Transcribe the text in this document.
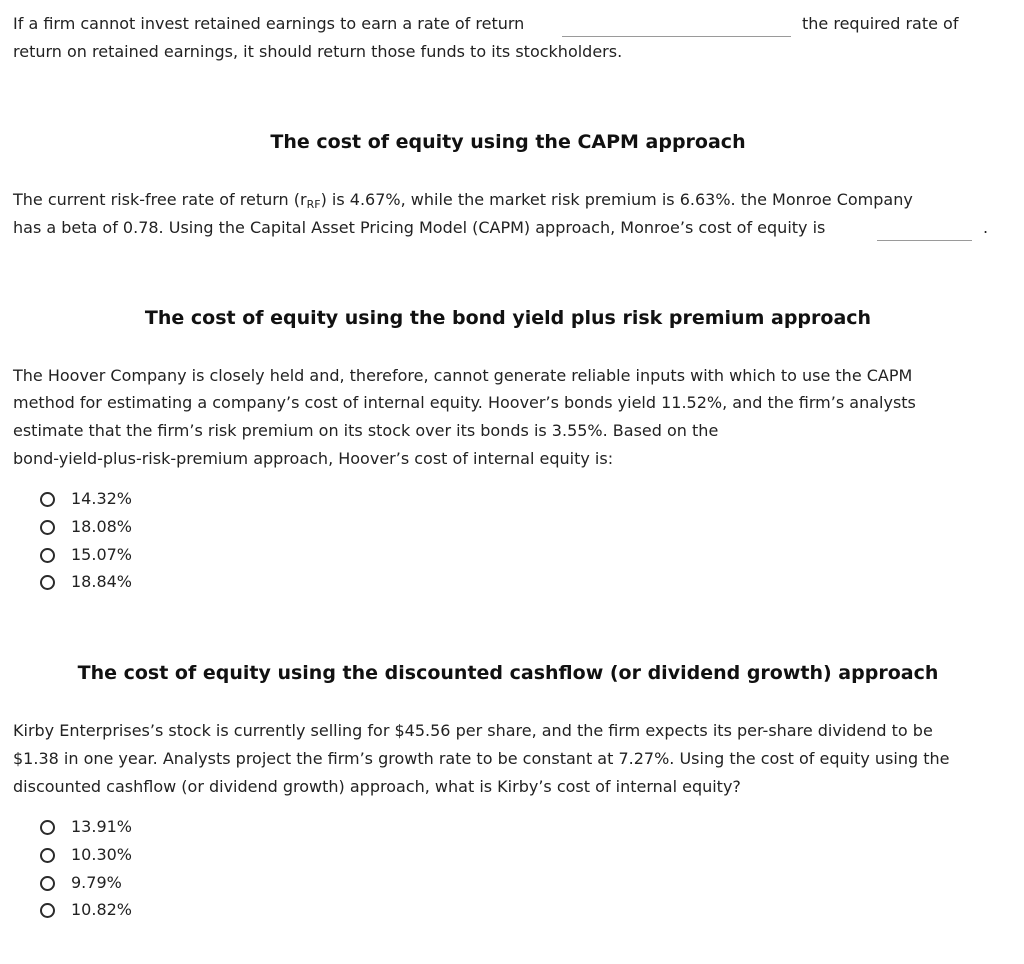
If a firm cannot invest retained earnings to earn a rate of return	the required rate of
return on retained earnings, it should return those funds to its stockholders.
The cost of equity using the CAPM approach
The current risk-free rate of return $(r_{RF})$ is 4.67%, while the market risk premium is 6.63%. the Monroe Company
has a beta of 0.78. Using the Capital Asset Pricing Model (CAPM) approach, Monroe’s cost of equity is	.
The cost of equity using the bond yield plus risk premium approach
The Hoover Company is closely held and, therefore, cannot generate reliable inputs with which to use the CAPM
method for estimating a company’s cost of internal equity. Hoover’s bonds yield 11.52%, and the firm’s analysts
estimate that the firm’s risk premium on its stock over its bonds is 3.55%. Based on the
bond-yield-plus-risk-premium approach, Hoover’s cost of internal equity is:
14.32%
18.08%
15.07%
18.84%
The cost of equity using the discounted cashflow (or dividend growth) approach
Kirby Enterprises’s stock is currently selling for $45.56 per share, and the firm expects its per-share dividend to be
$1.38 in one year. Analysts project the firm’s growth rate to be constant at 7.27%. Using the cost of equity using the
discounted cashflow (or dividend growth) approach, what is Kirby’s cost of internal equity?
13.91%
10.30%
9.79%
10.82%
